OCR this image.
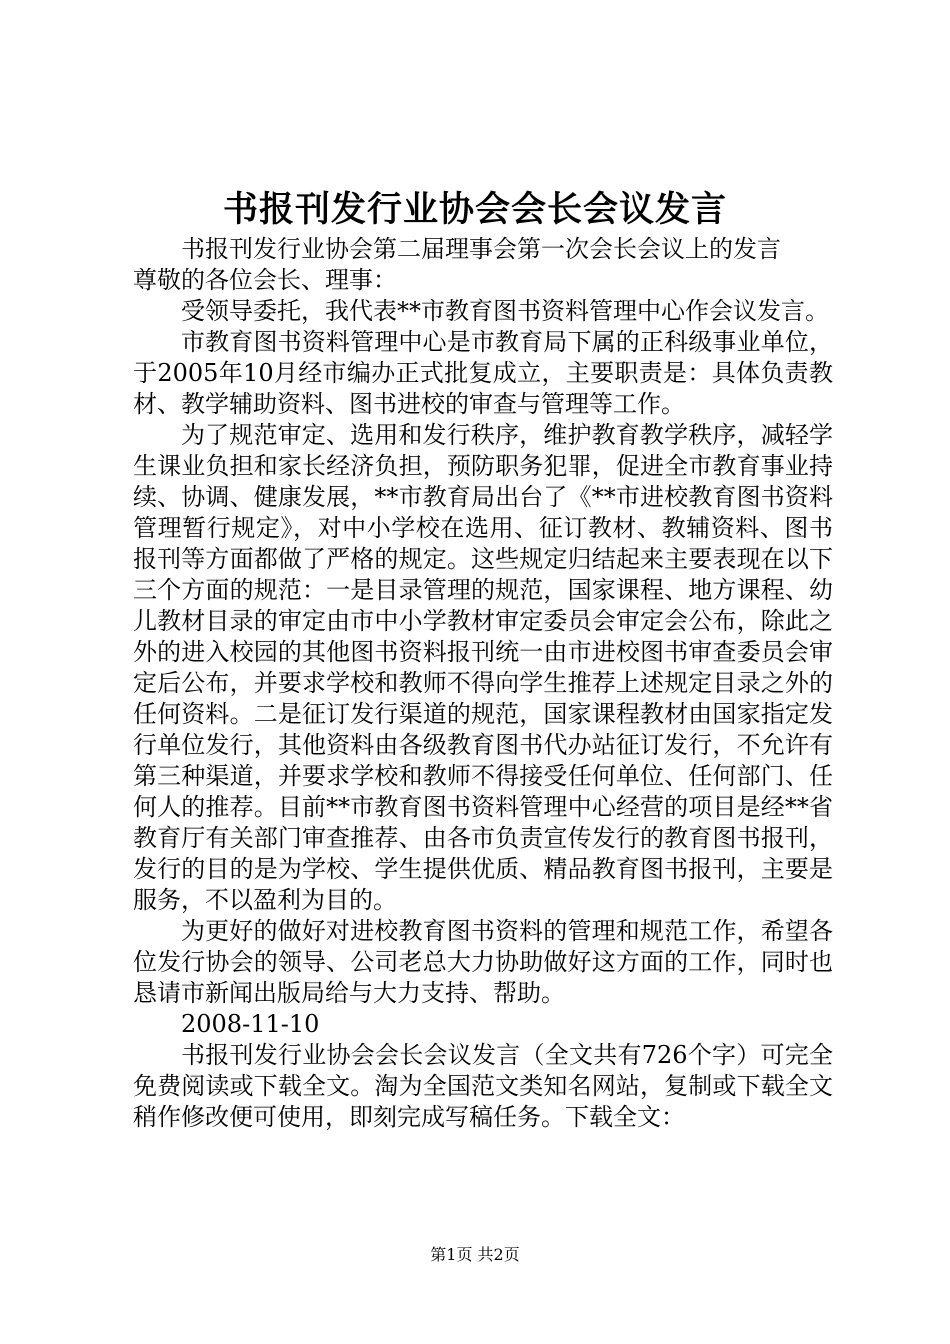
书报刊发行业协会会长会议发言

书报刊发行业协会第二届理事会第一次会长会议上的发言

尊敬的各位会长、理事：

受领导委托，我代表**市教育图书资料管理中心作会议发言。

市教育图书资料管理中心是市教育局下属的正科级事业单位，于2005年10月经市编办正式批复成立，主要职责是：具体负责教材、教学辅助资料、图书进校的审查与管理等工作。

为了规范审定、选用和发行秩序，维护教育教学秩序，减轻学生课业负担和家长经济负担，预防职务犯罪，促进全市教育事业持续、协调、健康发展，**市教育局出台了《**市进校教育图书资料管理暂行规定》，对中小学校在选用、征订教材、教辅资料、图书报刊等方面都做了严格的规定。这些规定归结起来主要表现在以下三个方面的规范：一是目录管理的规范，国家课程、地方课程、幼儿教材目录的审定由市中小学教材审定委员会审定会公布，除此之外的进入校园的其他图书资料报刊统一由市进校图书审查委员会审定后公布，并要求学校和教师不得向学生推荐上述规定目录之外的任何资料。二是征订发行渠道的规范，国家课程教材由国家指定发行单位发行，其他资料由各级教育图书代办站征订发行，不允许有第三种渠道，并要求学校和教师不得接受任何单位、任何部门、任何人的推荐。目前**市教育图书资料管理中心经营的项目是经**省教育厅有关部门审查推荐、由各市负责宣传发行的教育图书报刊，发行的目的是为学校、学生提供优质、精品教育图书报刊，主要是服务，不以盈利为目的。

为更好的做好对进校教育图书资料的管理和规范工作，希望各位发行协会的领导、公司老总大力协助做好这方面的工作，同时也恳请市新闻出版局给与大力支持、帮助。

2008-11-10

书报刊发行业协会会长会议发言（全文共有726个字）可完全免费阅读或下载全文。淘为全国范文类知名网站，复制或下载全文稍作修改便可使用，即刻完成写稿任务。下载全文：

第1页 共2页
